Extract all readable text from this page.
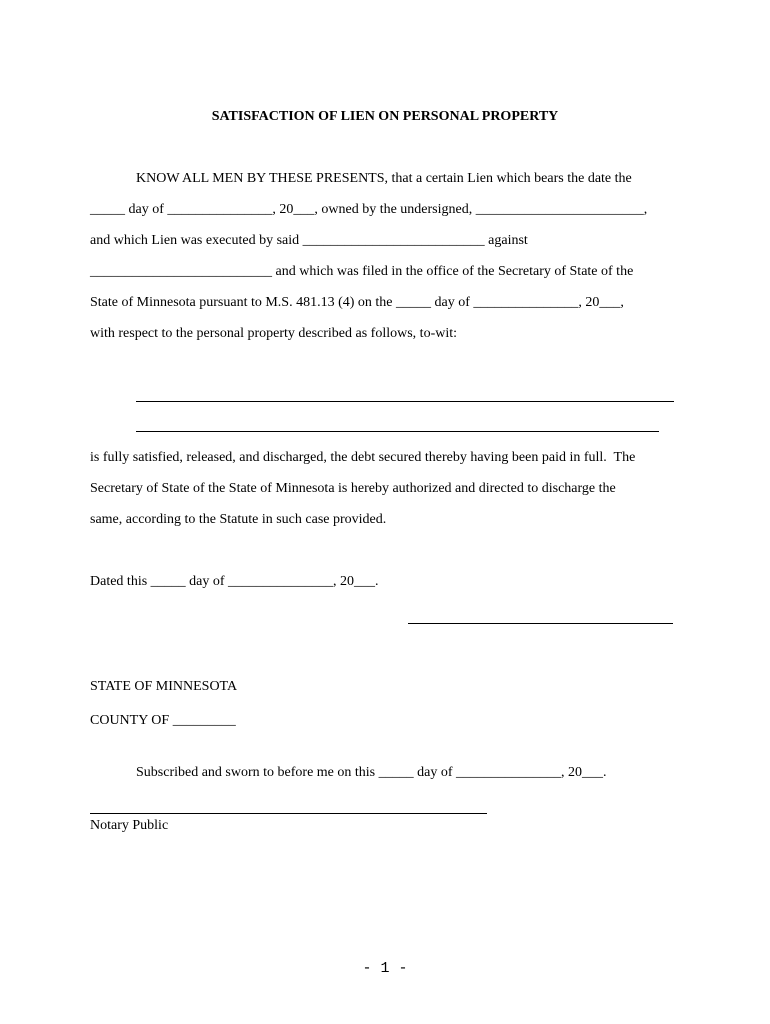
SATISFACTION OF LIEN ON PERSONAL PROPERTY
KNOW ALL MEN BY THESE PRESENTS, that a certain Lien which bears the date the
_____ day of _______________, 20___, owned by the undersigned, ________________________,
and which Lien was executed by said __________________________ against
__________________________ and which was filed in the office of the Secretary of State of the
State of Minnesota pursuant to M.S. 481.13 (4) on the _____ day of _______________, 20___,
with respect to the personal property described as follows, to-wit:
is fully satisfied, released, and discharged, the debt secured thereby having been paid in full.  The
Secretary of State of the State of Minnesota is hereby authorized and directed to discharge the
same, according to the Statute in such case provided.
Dated this _____ day of _______________, 20___.
STATE OF MINNESOTA
COUNTY OF _________
Subscribed and sworn to before me on this _____ day of _______________, 20___.
Notary Public
- 1 -
